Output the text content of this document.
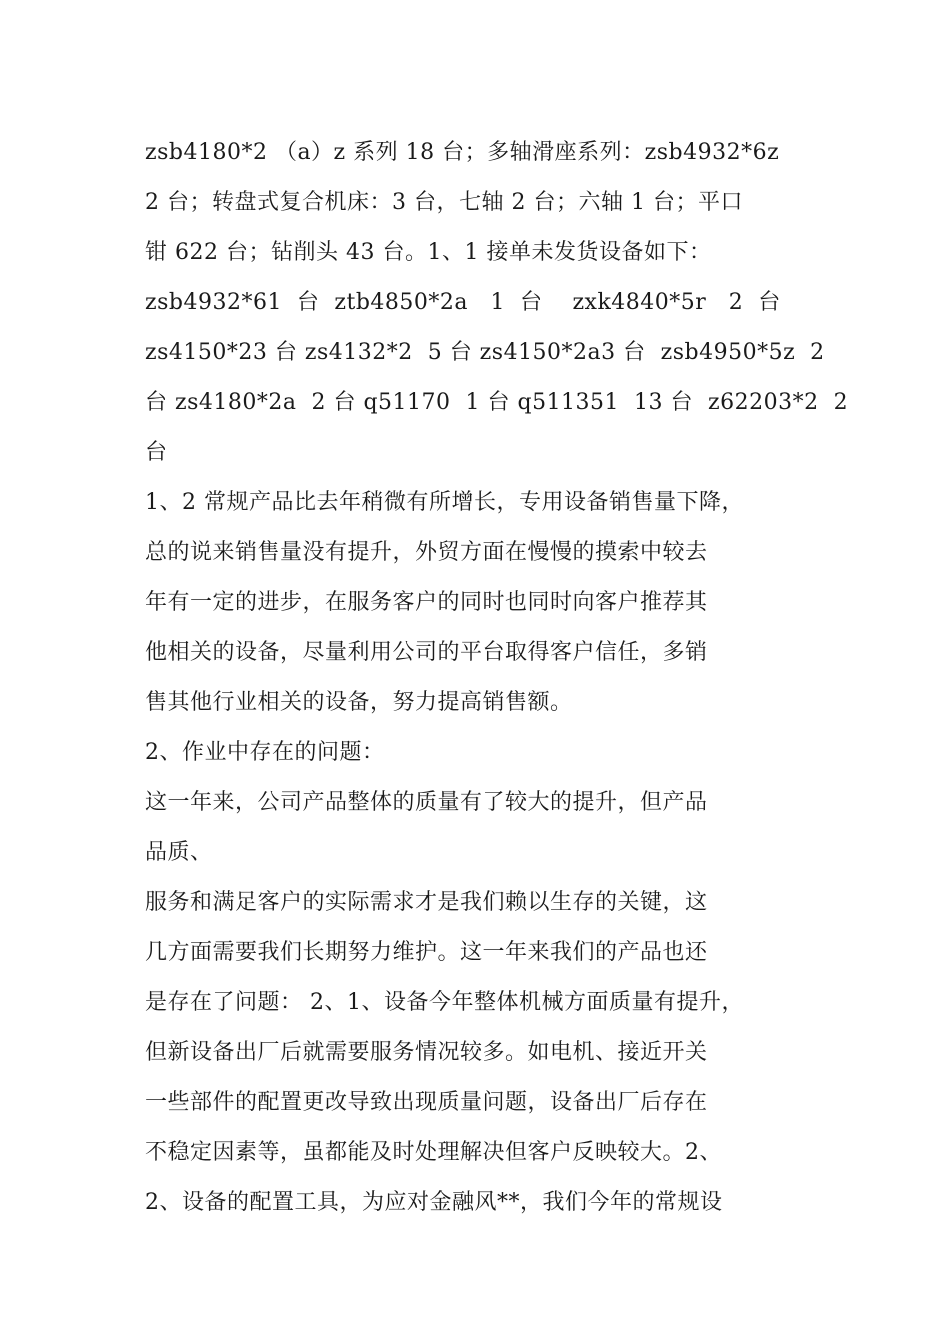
zsb4180*2 （a）z 系列 18 台；多轴滑座系列：zsb4932*6z
2 台；转盘式复合机床：3 台，七轴 2 台；六轴 1 台；平口
钳 622 台；钻削头 43 台。1、1 接单未发货设备如下：
zsb4932*61  台  ztb4850*2a   1  台    zxk4840*5r   2  台
zs4150*23 台 zs4132*2  5 台 zs4150*2a3 台  zsb4950*5z  2
台 zs4180*2a  2 台 q51170  1 台 q511351  13 台  z62203*2  2
台
1、2 常规产品比去年稍微有所增长，专用设备销售量下降，
总的说来销售量没有提升，外贸方面在慢慢的摸索中较去
年有一定的进步，在服务客户的同时也同时向客户推荐其
他相关的设备，尽量利用公司的平台取得客户信任，多销
售其他行业相关的设备，努力提高销售额。
2、作业中存在的问题：
这一年来，公司产品整体的质量有了较大的提升，但产品
品质、
服务和满足客户的实际需求才是我们赖以生存的关键，这
几方面需要我们长期努力维护。这一年来我们的产品也还
是存在了问题： 2、1、设备今年整体机械方面质量有提升，
但新设备出厂后就需要服务情况较多。如电机、接近开关
一些部件的配置更改导致出现质量问题，设备出厂后存在
不稳定因素等，虽都能及时处理解决但客户反映较大。2、
2、设备的配置工具，为应对金融风**，我们今年的常规设
